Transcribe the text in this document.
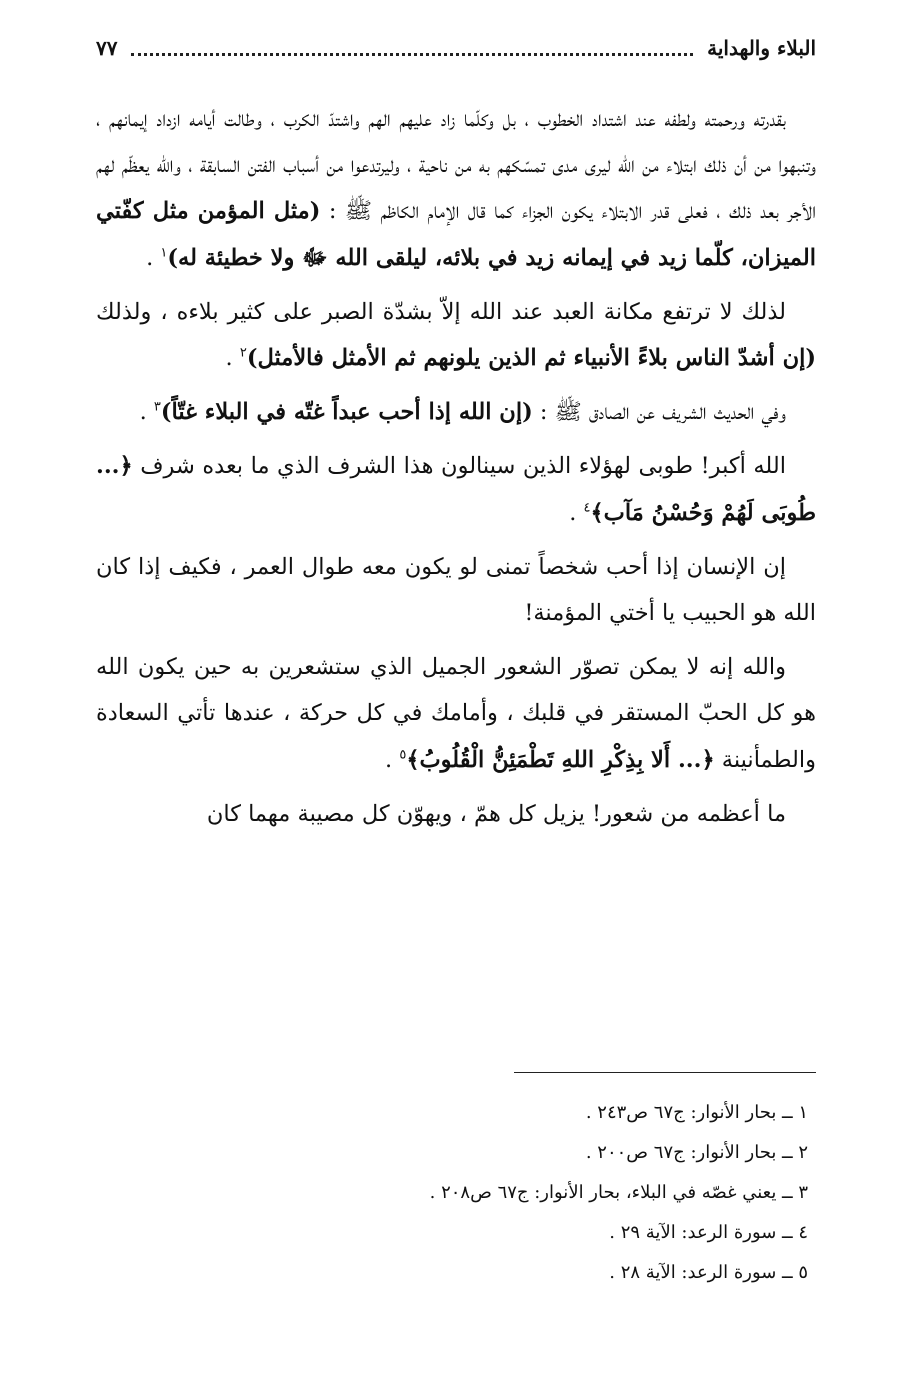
البلاء والهداية
٧٧

بقدرته ورحمته ولطفه عند اشتداد الخطوب ، بل وكلّما زاد عليهم الهم واشتدّ الكرب ، وطالت أيامه ازداد إيمانهم ، وتنبهوا من أن ذلك ابتلاء من الله ليرى مدى تمسّكهم به من ناحية ، وليرتدعوا من أسباب الفتن السابقة ، والله يعظّم لهم الأجر بعد ذلك ، فعلى قدر الابتلاء يكون الجزاء كما قال الإمام الكاظم ﷺ : (مثل المؤمن مثل كفّتي الميزان، كلّما زيد في إيمانه زيد في بلائه، ليلقى الله ﷻ ولا خطيئة له)$^١$ .

لذلك لا ترتفع مكانة العبد عند الله إلاّ بشدّة الصبر على كثير بلاءه ، ولذلك (إن أشدّ الناس بلاءً الأنبياء ثم الذين يلونهم ثم الأمثل فالأمثل)$^٢$ .

وفي الحديث الشريف عن الصادق ﷺ : (إن الله إذا أحب عبداً غتّه في البلاء غتّاً)$^٣$ .

الله أكبر! طوبى لهؤلاء الذين سينالون هذا الشرف الذي ما بعده شرف ﴿... طُوبَى لَهُمْ وَحُسْنُ مَآب﴾$^٤$ .

إن الإنسان إذا أحب شخصاً تمنى لو يكون معه طوال العمر ، فكيف إذا كان الله هو الحبيب يا أختي المؤمنة!

والله إنه لا يمكن تصوّر الشعور الجميل الذي ستشعرين به حين يكون الله هو كل الحبّ المستقر في قلبك ، وأمامك في كل حركة ، عندها تأتي السعادة والطمأنينة ﴿... أَلا بِذِكْرِ اللهِ تَطْمَئِنُّ الْقُلُوبُ﴾$^٥$ .

ما أعظمه من شعور! يزيل كل همّ ، ويهوّن كل مصيبة مهما كان

١ ــ بحار الأنوار: ج٦٧ ص٢٤٣ .
٢ ــ بحار الأنوار: ج٦٧ ص٢٠٠ .
٣ ــ يعني غصّه في البلاء، بحار الأنوار: ج٦٧ ص٢٠٨ .
٤ ــ سورة الرعد: الآية ٢٩ .
٥ ــ سورة الرعد: الآية ٢٨ .
